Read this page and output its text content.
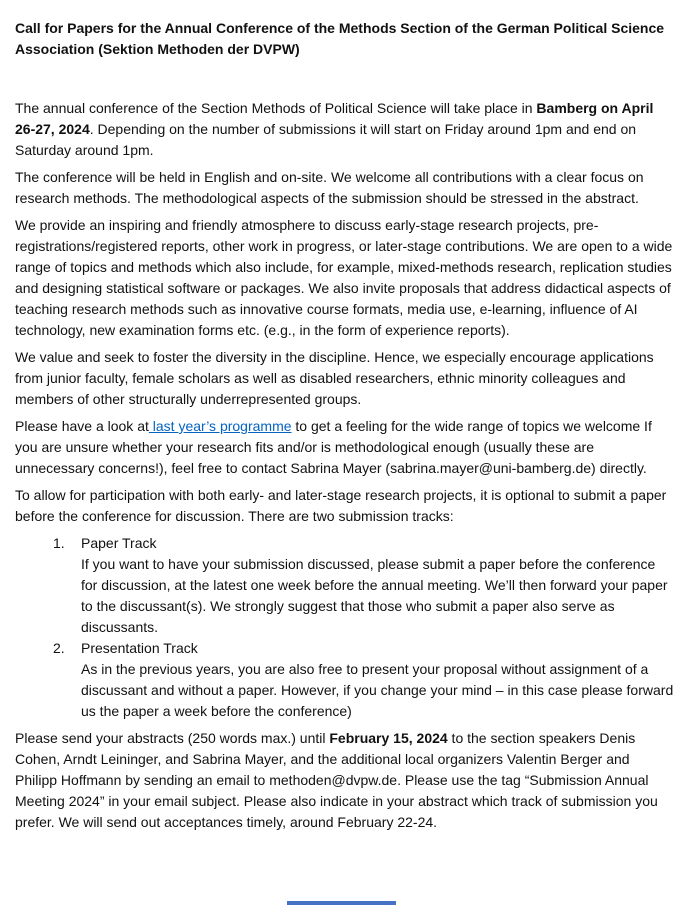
Call for Papers for the Annual Conference of the Methods Section of the German Political Science Association (Sektion Methoden der DVPW)

The annual conference of the Section Methods of Political Science will take place in Bamberg on April 26-27, 2024. Depending on the number of submissions it will start on Friday around 1pm and end on Saturday around 1pm.

The conference will be held in English and on-site. We welcome all contributions with a clear focus on research methods. The methodological aspects of the submission should be stressed in the abstract.

We provide an inspiring and friendly atmosphere to discuss early-stage research projects, pre-registrations/registered reports, other work in progress, or later-stage contributions. We are open to a wide range of topics and methods which also include, for example, mixed-methods research, replication studies and designing statistical software or packages. We also invite proposals that address didactical aspects of teaching research methods such as innovative course formats, media use, e-learning, influence of AI technology, new examination forms etc. (e.g., in the form of experience reports).

We value and seek to foster the diversity in the discipline. Hence, we especially encourage applications from junior faculty, female scholars as well as disabled researchers, ethnic minority colleagues and members of other structurally underrepresented groups.

Please have a look at last year’s programme to get a feeling for the wide range of topics we welcome If you are unsure whether your research fits and/or is methodological enough (usually these are unnecessary concerns!), feel free to contact Sabrina Mayer (sabrina.mayer@uni-bamberg.de) directly.

To allow for participation with both early- and later-stage research projects, it is optional to submit a paper before the conference for discussion. There are two submission tracks:

1.	Paper Track
If you want to have your submission discussed, please submit a paper before the conference for discussion, at the latest one week before the annual meeting. We’ll then forward your paper to the discussant(s). We strongly suggest that those who submit a paper also serve as discussants.
2.	Presentation Track
As in the previous years, you are also free to present your proposal without assignment of a discussant and without a paper. However, if you change your mind – in this case please forward us the paper a week before the conference)

Please send your abstracts (250 words max.) until February 15, 2024 to the section speakers Denis Cohen, Arndt Leininger, and Sabrina Mayer, and the additional local organizers Valentin Berger and Philipp Hoffmann by sending an email to methoden@dvpw.de. Please use the tag “Submission Annual Meeting 2024” in your email subject. Please also indicate in your abstract which track of submission you prefer. We will send out acceptances timely, around February 22-24.
